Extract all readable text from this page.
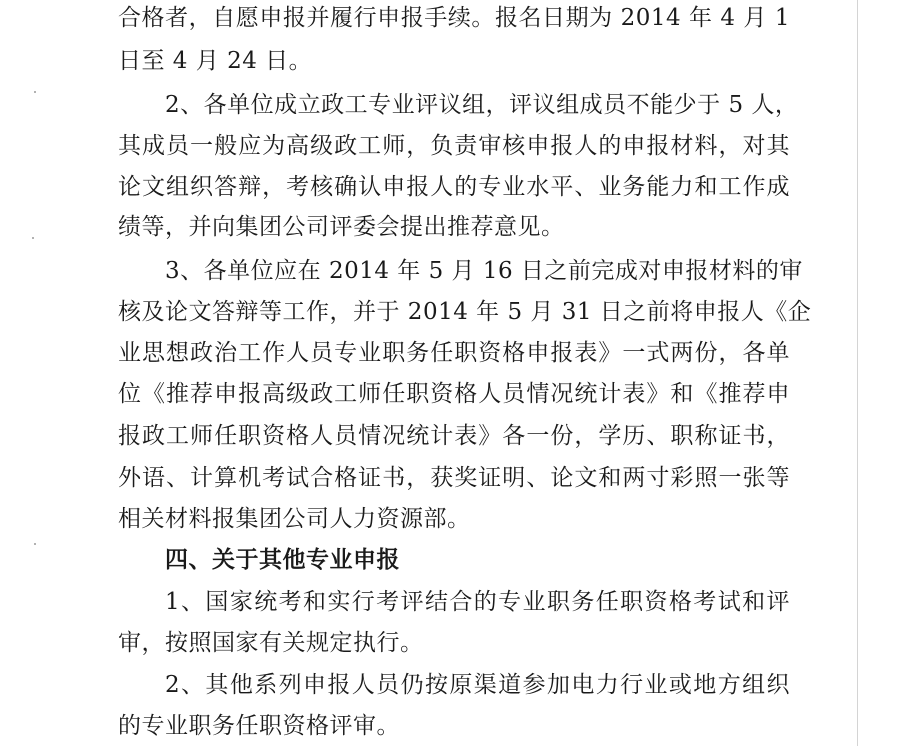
合格者，自愿申报并履行申报手续。报名日期为 2014 年 4 月 1
日至 4 月 24 日。
2、各单位成立政工专业评议组，评议组成员不能少于 5 人，
其成员一般应为高级政工师，负责审核申报人的申报材料，对其
论文组织答辩，考核确认申报人的专业水平、业务能力和工作成
绩等，并向集团公司评委会提出推荐意见。
3、各单位应在 2014 年 5 月 16 日之前完成对申报材料的审
核及论文答辩等工作，并于 2014 年 5 月 31 日之前将申报人《企
业思想政治工作人员专业职务任职资格申报表》一式两份，各单
位《推荐申报高级政工师任职资格人员情况统计表》和《推荐申
报政工师任职资格人员情况统计表》各一份，学历、职称证书，
外语、计算机考试合格证书，获奖证明、论文和两寸彩照一张等
相关材料报集团公司人力资源部。
四、关于其他专业申报
1、国家统考和实行考评结合的专业职务任职资格考试和评
审，按照国家有关规定执行。
2、其他系列申报人员仍按原渠道参加电力行业或地方组织
的专业职务任职资格评审。
